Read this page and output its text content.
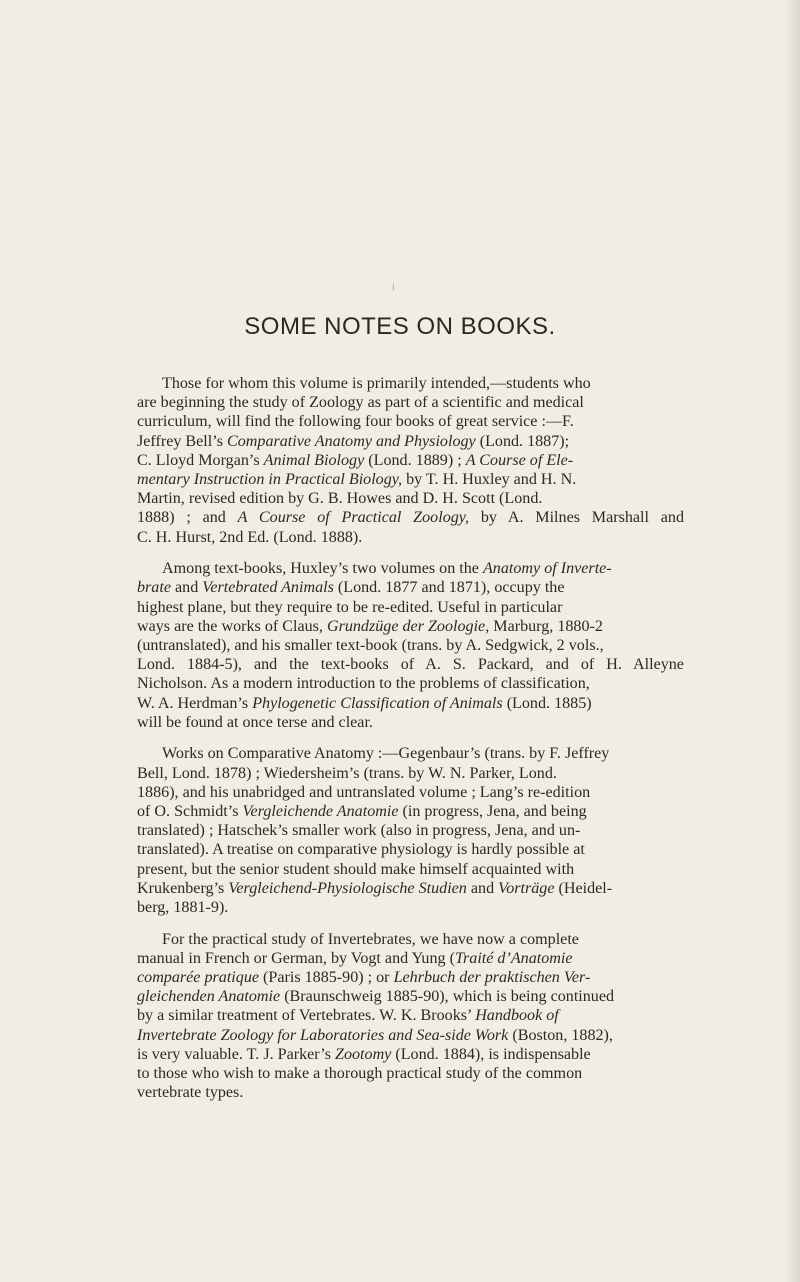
i
SOME NOTES ON BOOKS.
Those for whom this volume is primarily intended,—students who
are beginning the study of Zoology as part of a scientific and medical
curriculum, will find the following four books of great service :—F.
Jeffrey Bell’s Comparative Anatomy and Physiology (Lond. 1887);
C. Lloyd Morgan’s Animal Biology (Lond. 1889) ; A Course of Ele-
mentary Instruction in Practical Biology, by T. H. Huxley and H. N.
Martin, revised edition by G. B. Howes and D. H. Scott (Lond.
1888) ; and A Course of Practical Zoology, by A. Milnes Marshall and
C. H. Hurst, 2nd Ed. (Lond. 1888).
Among text-books, Huxley’s two volumes on the Anatomy of Inverte-
brate and Vertebrated Animals (Lond. 1877 and 1871), occupy the
highest plane, but they require to be re-edited. Useful in particular
ways are the works of Claus, Grundzüge der Zoologie, Marburg, 1880-2
(untranslated), and his smaller text-book (trans. by A. Sedgwick, 2 vols.,
Lond. 1884-5), and the text-books of A. S. Packard, and of H. Alleyne
Nicholson. As a modern introduction to the problems of classification,
W. A. Herdman’s Phylogenetic Classification of Animals (Lond. 1885)
will be found at once terse and clear.
Works on Comparative Anatomy :—Gegenbaur’s (trans. by F. Jeffrey
Bell, Lond. 1878) ; Wiedersheim’s (trans. by W. N. Parker, Lond.
1886), and his unabridged and untranslated volume ; Lang’s re-edition
of O. Schmidt’s Vergleichende Anatomie (in progress, Jena, and being
translated) ; Hatschek’s smaller work (also in progress, Jena, and un-
translated). A treatise on comparative physiology is hardly possible at
present, but the senior student should make himself acquainted with
Krukenberg’s Vergleichend-Physiologische Studien and Vorträge (Heidel-
berg, 1881-9).
For the practical study of Invertebrates, we have now a complete
manual in French or German, by Vogt and Yung (Traité d’Anatomie
comparée pratique (Paris 1885-90) ; or Lehrbuch der praktischen Ver-
gleichenden Anatomie (Braunschweig 1885-90), which is being continued
by a similar treatment of Vertebrates. W. K. Brooks’ Handbook of
Invertebrate Zoology for Laboratories and Sea-side Work (Boston, 1882),
is very valuable. T. J. Parker’s Zootomy (Lond. 1884), is indispensable
to those who wish to make a thorough practical study of the common
vertebrate types.
